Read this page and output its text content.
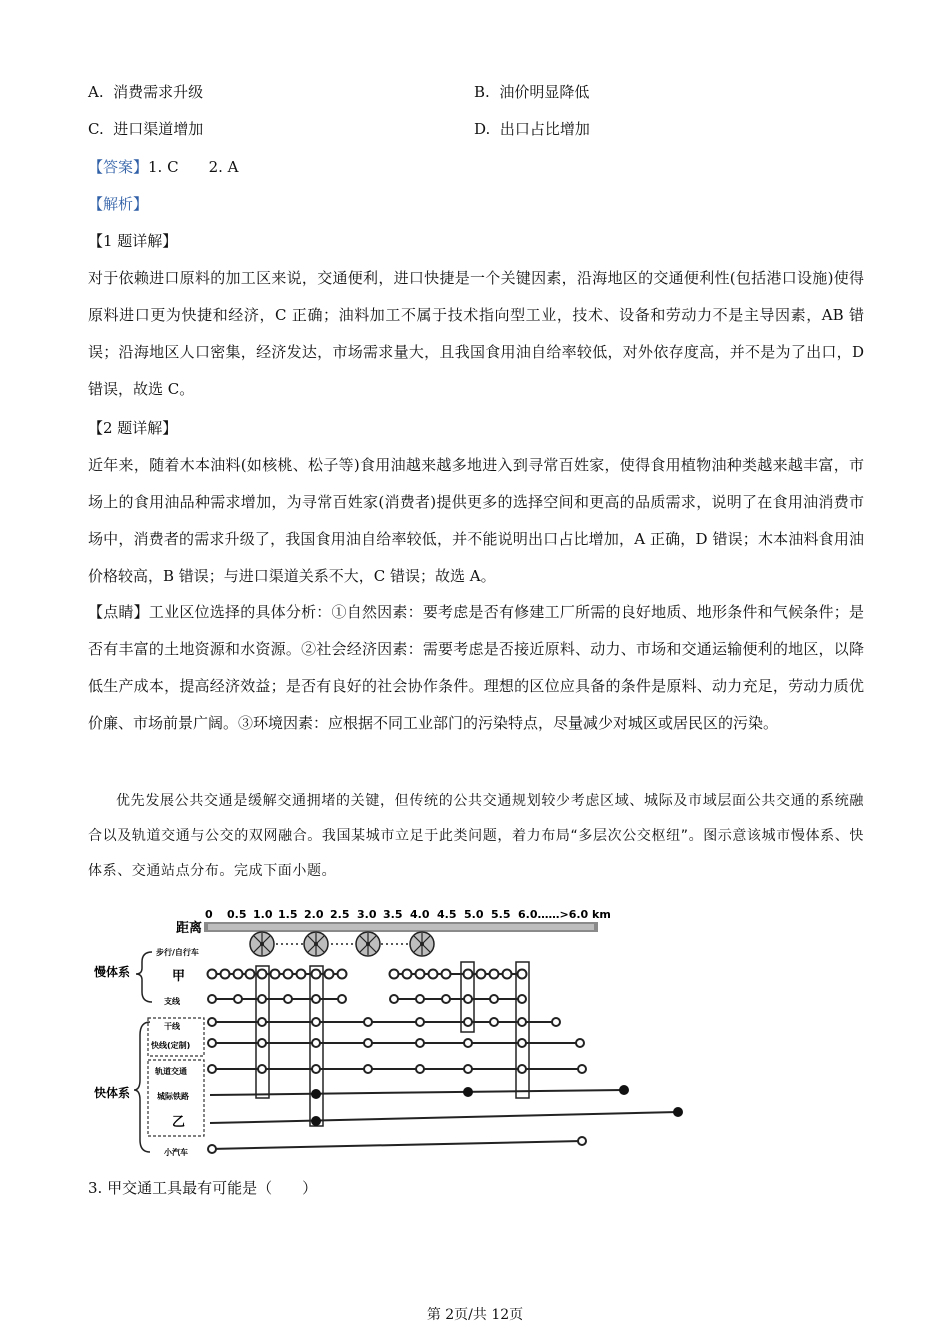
A. 消费需求升级	B. 油价明显降低
C. 进口渠道增加	D. 出口占比增加
【答案】1. C　　2. A
【解析】
【1 题详解】
对于依赖进口原料的加工区来说，交通便利，进口快捷是一个关键因素，沿海地区的交通便利性(包括港口设施)使得原料进口更为快捷和经济，C 正确；油料加工不属于技术指向型工业，技术、设备和劳动力不是主导因素，AB 错误；沿海地区人口密集，经济发达，市场需求量大，且我国食用油自给率较低，对外依存度高，并不是为了出口，D 错误，故选 C。
【2 题详解】
近年来，随着木本油料(如核桃、松子等)食用油越来越多地进入到寻常百姓家，使得食用植物油种类越来越丰富，市场上的食用油品种需求增加，为寻常百姓家(消费者)提供更多的选择空间和更高的品质需求，说明了在食用油消费市场中，消费者的需求升级了，我国食用油自给率较低，并不能说明出口占比增加，A 正确，D 错误；木本油料食用油价格较高，B 错误；与进口渠道关系不大，C 错误；故选 A。
【点睛】工业区位选择的具体分析：①自然因素：要考虑是否有修建工厂所需的良好地质、地形条件和气候条件；是否有丰富的土地资源和水资源。②社会经济因素：需要考虑是否接近原料、动力、市场和交通运输便利的地区，以降低生产成本，提高经济效益；是否有良好的社会协作条件。理想的区位应具备的条件是原料、动力充足，劳动力质优价廉、市场前景广阔。③环境因素：应根据不同工业部门的污染特点，尽量减少对城区或居民区的污染。
优先发展公共交通是缓解交通拥堵的关键，但传统的公共交通规划较少考虑区域、城际及市域层面公共交通的系统融合以及轨道交通与公交的双网融合。我国某城市立足于此类问题，着力布局“多层次公交枢纽”。图示意该城市慢体系、快体系、交通站点分布。完成下面小题。
距离
0 0.5 1.0 1.5 2.0 2.5 3.0 3.5 4.0 4.5 5.0 5.5 6.0……>6.0 km
慢体系
快体系
步行/自行车
甲
支线
干线
快线(定制)
轨道交通
城际铁路
乙
小汽车
3. 甲交通工具最有可能是（　　）
第 2页/共 12页
